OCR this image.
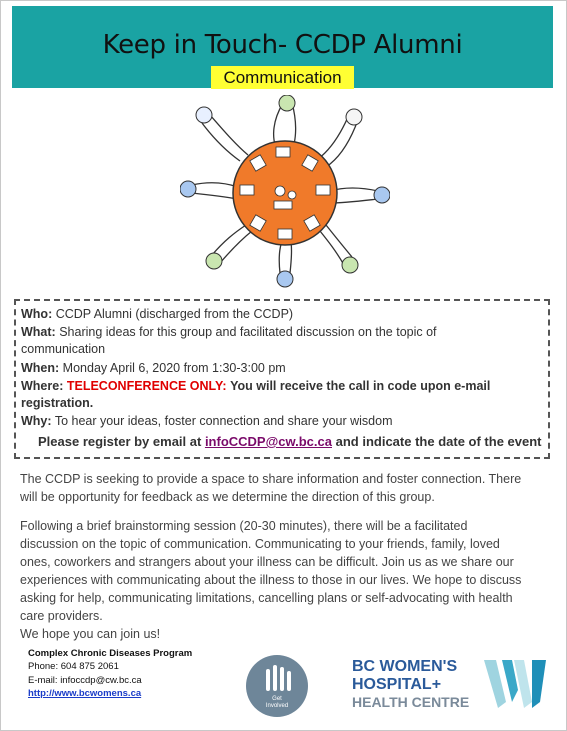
Keep in Touch- CCDP Alumni
Communication
Who: CCDP Alumni (discharged from the CCDP)
What: Sharing ideas for this group and facilitated discussion on the topic of
communication
When: Monday April 6, 2020 from 1:30-3:00 pm
Where: TELECONFERENCE ONLY: You will receive the call in code upon e-mail
registration.
Why: To hear your ideas, foster connection and share your wisdom
Please register by email at infoCCDP@cw.bc.ca and indicate the date of the event
The CCDP is seeking to provide a space to share information and foster connection. There
will be opportunity for feedback as we determine the direction of this group.
Following a brief brainstorming session (20-30 minutes), there will be a facilitated
discussion on the topic of communication. Communicating to your friends, family, loved
ones, coworkers and strangers about your illness can be difficult. Join us as we share our
experiences with communicating about the illness to those in our lives. We hope to discuss
asking for help, communicating limitations, cancelling plans or self-advocating with health
care providers.
We hope you can join us!
Complex Chronic Diseases Program
Phone: 604 875 2061
E-mail: infoccdp@cw.bc.ca
http://www.bcwomens.ca	Get
Involved
BC WOMEN'S
HOSPITAL+
HEALTH CENTRE
